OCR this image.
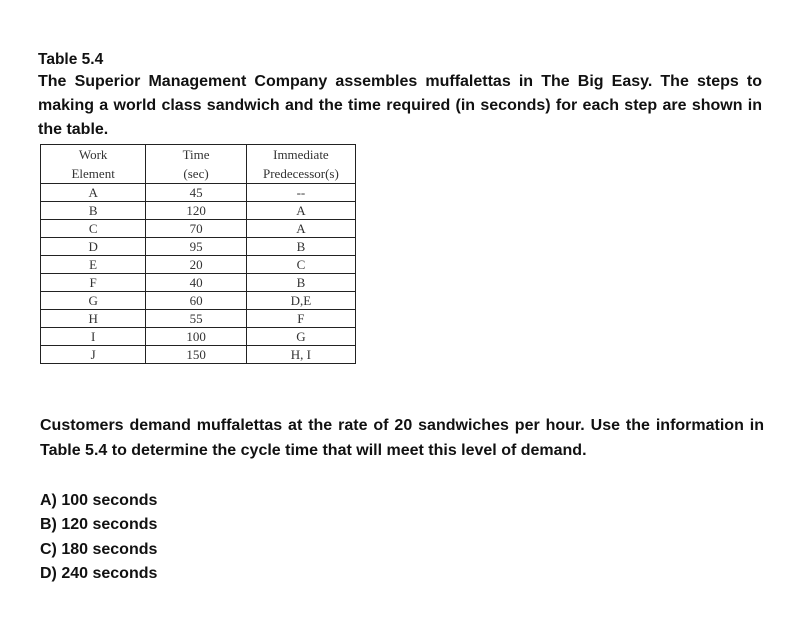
Table 5.4
The Superior Management Company assembles muffalettas in The Big Easy. The steps to making a world class sandwich and the time required (in seconds) for each step are shown in the table.
Work	Time	Immediate
Element	(sec)	Predecessor(s)
A	45	--
B	120	A
C	70	A
D	95	B
E	20	C
F	40	B
G	60	D,E
H	55	F
I	100	G
J	150	H, I
Customers demand muffalettas at the rate of 20 sandwiches per hour. Use the information in Table 5.4 to determine the cycle time that will meet this level of demand.
A) 100 seconds
B) 120 seconds
C) 180 seconds
D) 240 seconds
